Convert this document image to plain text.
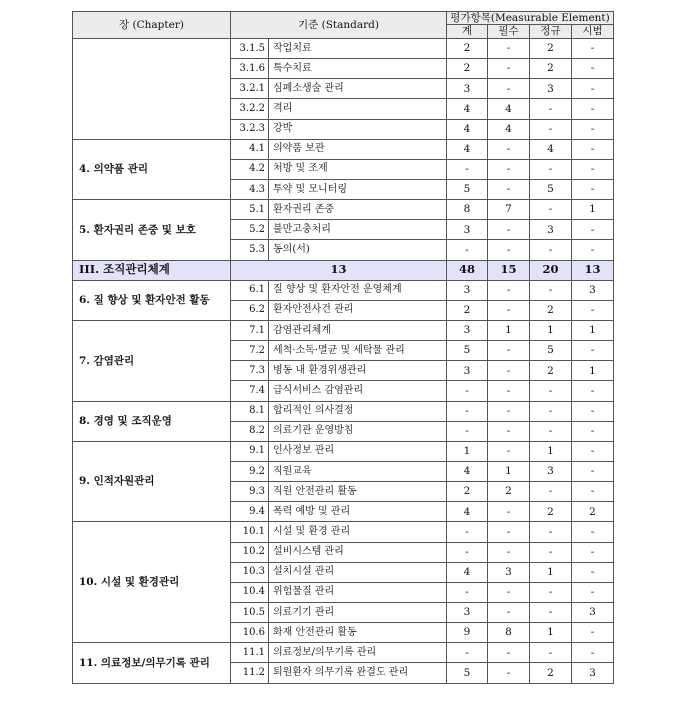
장 (Chapter)	기준 (Standard)		평가항목(Measurable Element)			
			계	필수	정규	시범
	3.1.5	작업치료	2	-	2	-
	3.1.6	특수치료	2	-	2	-
	3.2.1	심폐소생술 관리	3	-	3	-
	3.2.2	격리	4	4	-	-
	3.2.3	강박	4	4	-	-
4. 의약품 관리	4.1	의약품 보관	4	-	4	-
	4.2	처방 및 조제	-	-	-	-
	4.3	투약 및 모니터링	5	-	5	-
5. 환자권리 존중 및 보호	5.1	환자권리 존중	8	7	-	1
	5.2	불만고충처리	3	-	3	-
	5.3	동의(서)	-	-	-	-
III. 조직관리체계	13		48	15	20	13
6. 질 향상 및 환자안전 활동	6.1	질 향상 및 환자안전 운영체계	3	-	-	3
	6.2	환자안전사건 관리	2	-	2	-
7. 감염관리	7.1	감염관리체계	3	1	1	1
	7.2	세척·소독·멸균 및 세탁물 관리	5	-	5	-
	7.3	병동 내 환경위생관리	3	-	2	1
	7.4	급식서비스 감염관리	-	-	-	-
8. 경영 및 조직운영	8.1	합리적인 의사결정	-	-	-	-
	8.2	의료기관 운영방침	-	-	-	-
9. 인적자원관리	9.1	인사정보 관리	1	-	1	-
	9.2	직원교육	4	1	3	-
	9.3	직원 안전관리 활동	2	2	-	-
	9.4	폭력 예방 및 관리	4	-	2	2
10. 시설 및 환경관리	10.1	시설 및 환경 관리	-	-	-	-
	10.2	설비시스템 관리	-	-	-	-
	10.3	설치시설 관리	4	3	1	-
	10.4	위험물질 관리	-	-	-	-
	10.5	의료기기 관리	3	-	-	3
	10.6	화재 안전관리 활동	9	8	1	-
11. 의료정보/의무기록 관리	11.1	의료정보/의무기록 관리	-	-	-	-
	11.2	퇴원환자 의무기록 완결도 관리	5	-	2	3
